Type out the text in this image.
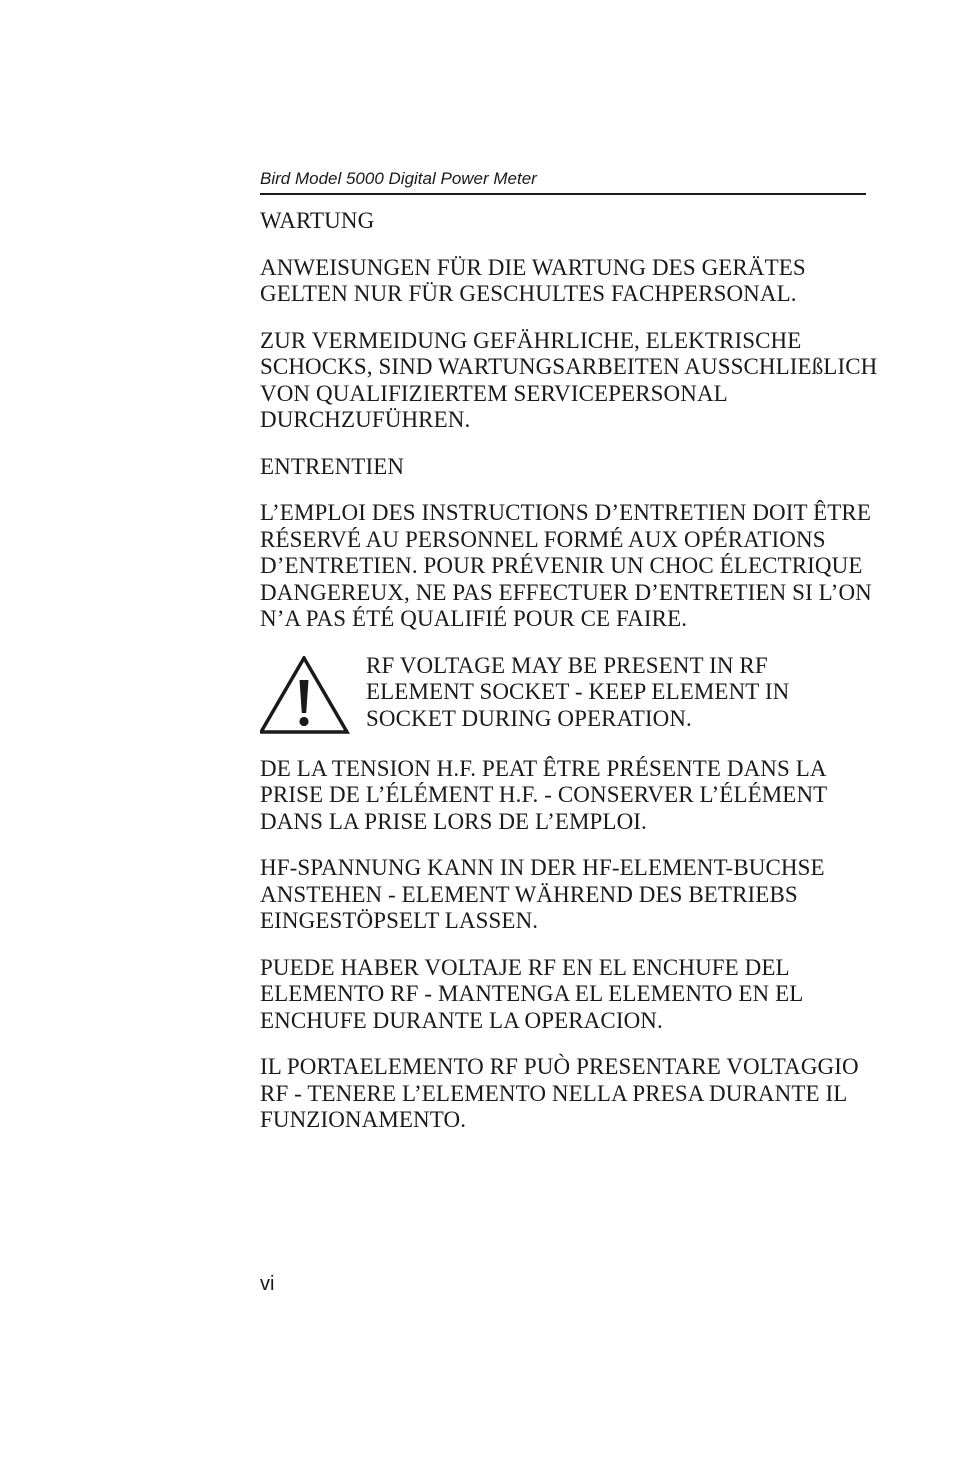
Bird Model 5000 Digital Power Meter

WARTUNG

ANWEISUNGEN FÜR DIE WARTUNG DES GERÄTES GELTEN NUR FÜR GESCHULTES FACHPERSONAL.

ZUR VERMEIDUNG GEFÄHRLICHE, ELEKTRISCHE SCHOCKS, SIND WARTUNGSARBEITEN AUSSCHLIEßLICH VON QUALIFIZIERTEM SERVICEPERSONAL DURCHZUFÜHREN.

ENTRENTIEN

L’EMPLOI DES INSTRUCTIONS D’ENTRETIEN DOIT ÊTRE RÉSERVÉ AU PERSONNEL FORMÉ AUX OPÉRATIONS D’ENTRETIEN. POUR PRÉVENIR UN CHOC ÉLECTRIQUE DANGEREUX, NE PAS EFFECTUER D’ENTRETIEN SI L’ON N’A PAS ÉTÉ QUALIFIÉ POUR CE FAIRE.

RF VOLTAGE MAY BE PRESENT IN RF ELEMENT SOCKET - KEEP ELEMENT IN SOCKET DURING OPERATION.

DE LA TENSION H.F. PEAT ÊTRE PRÉSENTE DANS LA PRISE DE L’ÉLÉMENT H.F. - CONSERVER L’ÉLÉMENT DANS LA PRISE LORS DE L’EMPLOI.

HF-SPANNUNG KANN IN DER HF-ELEMENT-BUCHSE ANSTEHEN - ELEMENT WÄHREND DES BETRIEBS EINGESTÖPSELT LASSEN.

PUEDE HABER VOLTAJE RF EN EL ENCHUFE DEL ELEMENTO RF - MANTENGA EL ELEMENTO EN EL ENCHUFE DURANTE LA OPERACION.

IL PORTAELEMENTO RF PUÒ PRESENTARE VOLTAGGIO RF - TENERE L’ELEMENTO NELLA PRESA DURANTE IL FUNZIONAMENTO.

vi
